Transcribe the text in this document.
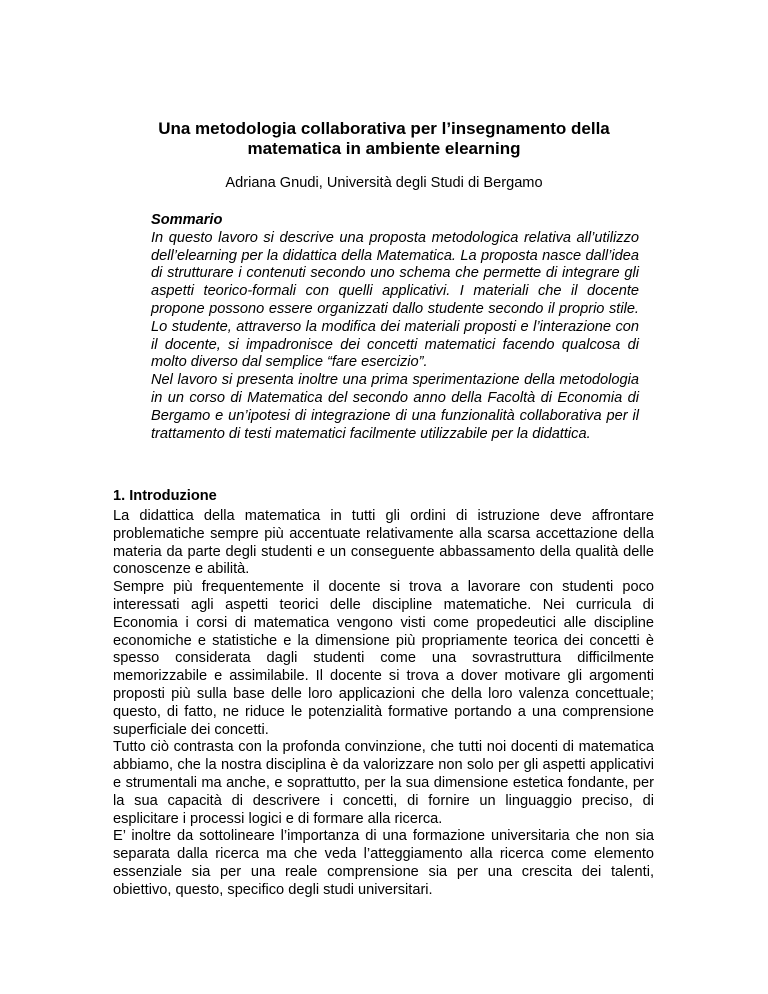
Una metodologia collaborativa per l’insegnamento della
matematica in ambiente elearning
Adriana Gnudi, Università degli Studi di Bergamo
Sommario

In questo lavoro si descrive una proposta metodologica relativa all’utilizzo dell’elearning per la didattica della Matematica. La proposta nasce dall’idea di strutturare i contenuti secondo uno schema che permette di integrare gli aspetti teorico-formali con quelli applicativi. I materiali che il docente propone possono essere organizzati dallo studente secondo il proprio stile. Lo studente, attraverso la modifica dei materiali proposti e l’interazione con il docente, si impadronisce dei concetti matematici facendo qualcosa di molto diverso dal semplice “fare esercizio”.

Nel lavoro si presenta inoltre una prima sperimentazione della metodologia in un corso di Matematica del secondo anno della Facoltà di Economia di Bergamo e un’ipotesi di integrazione di una funzionalità collaborativa per il trattamento di testi matematici facilmente utilizzabile per la didattica.

1. Introduzione

La didattica della matematica in tutti gli ordini di istruzione deve affrontare problematiche sempre più accentuate relativamente alla scarsa accettazione della materia da parte degli studenti e un conseguente abbassamento della qualità delle conoscenze e abilità.

Sempre più frequentemente il docente si trova a lavorare con studenti poco interessati agli aspetti teorici delle discipline matematiche. Nei curricula di Economia i corsi di matematica vengono visti come propedeutici alle discipline economiche e statistiche e la dimensione più propriamente teorica dei concetti è spesso considerata dagli studenti come una sovrastruttura difficilmente memorizzabile e assimilabile. Il docente si trova a dover motivare gli argomenti proposti più sulla base delle loro applicazioni che della loro valenza concettuale; questo, di fatto, ne riduce le potenzialità formative portando a una comprensione superficiale dei concetti.

Tutto ciò contrasta con la profonda convinzione, che tutti noi docenti di matematica abbiamo, che la nostra disciplina è da valorizzare non solo per gli aspetti applicativi e strumentali ma anche, e soprattutto, per la sua dimensione estetica fondante, per la sua capacità di descrivere i concetti, di fornire un linguaggio preciso, di esplicitare i processi logici e di formare alla ricerca.

E’ inoltre da sottolineare l’importanza di una formazione universitaria che non sia separata dalla ricerca ma che veda l’atteggiamento alla ricerca come elemento essenziale sia per una reale comprensione sia per una crescita dei talenti, obiettivo, questo, specifico degli studi universitari.
